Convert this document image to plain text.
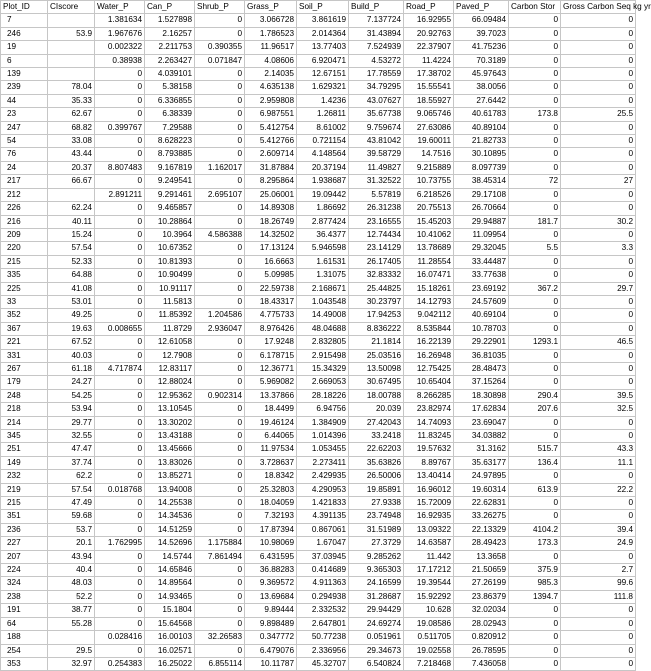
Plot_ID	CIscore	Water_P	Can_P	Shrub_P	Grass_P	Soil_P	Build_P	Road_P	Paved_P	Carbon Stor	Gross Carbon Seq kg yr
7		1.381634	1.527898	0	3.066728	3.861619	7.137724	16.92955	66.09484	0	0
246	53.9	1.967676	2.16257	0	1.786523	2.014364	31.43894	20.92763	39.7023	0	0
19		0.002322	2.211753	0.390355	11.96517	13.77403	7.524939	22.37907	41.75236	0	0
6		0.38938	2.263427	0.071847	4.08606	6.920471	4.53272	11.4224	70.3189	0	0
139		0	4.039101	0	2.14035	12.67151	17.78559	17.38702	45.97643	0	0
239	78.04	0	5.38158	0	4.635138	1.629321	34.79295	15.55541	38.0056	0	0
44	35.33	0	6.336855	0	2.959808	1.4236	43.07627	18.55927	27.6442	0	0
23	62.67	0	6.38339	0	6.987551	1.26811	35.67738	9.065746	40.61783	173.8	25.5
247	68.82	0.399767	7.29588	0	5.412754	8.61002	9.759674	27.63086	40.89104	0	0
54	33.08	0	8.628223	0	5.412766	0.721154	43.81042	19.60011	21.82733	0	0
76	43.44	0	8.793885	0	2.609714	4.148564	39.58729	14.7516	30.10895	0	0
24	20.37	8.807483	9.167819	1.162017	31.87884	20.37194	11.49827	9.215889	8.097739	0	0
217	66.67	0	9.249541	0	8.295864	1.938687	31.32522	10.73755	38.45314	72	27
212		2.891211	9.291461	2.695107	25.06001	19.09442	5.57819	6.218526	29.17108	0	0
226	62.24	0	9.465857	0	14.89308	1.86692	26.31238	20.75513	26.70664	0	0
216	40.11	0	10.28864	0	18.26749	2.877424	23.16555	15.45203	29.94887	181.7	30.2
209	15.24	0	10.3964	4.586388	14.32502	36.4377	12.74434	10.41062	11.09954	0	0
220	57.54	0	10.67352	0	17.13124	5.946598	23.14129	13.78689	29.32045	5.5	3.3
215	52.33	0	10.81393	0	16.6663	1.61531	26.17405	11.28554	33.44487	0	0
335	64.88	0	10.90499	0	5.09985	1.31075	32.83332	16.07471	33.77638	0	0
225	41.08	0	10.91117	0	22.59738	2.168671	25.44825	15.18261	23.69192	367.2	29.7
33	53.01	0	11.5813	0	18.43317	1.043548	30.23797	14.12793	24.57609	0	0
352	49.25	0	11.85392	1.204586	4.775733	14.49008	17.94253	9.042112	40.69104	0	0
367	19.63	0.008655	11.8729	2.936047	8.976426	48.04688	8.836222	8.535844	10.78703	0	0
221	67.52	0	12.61058	0	17.9248	2.832805	21.1814	16.22139	29.22901	1293.1	46.5
331	40.03	0	12.7908	0	6.178715	2.915498	25.03516	16.26948	36.81035	0	0
267	61.18	4.717874	12.83117	0	12.36771	15.34329	13.50098	12.75425	28.48473	0	0
179	24.27	0	12.88024	0	5.969082	2.669053	30.67495	10.65404	37.15264	0	0
248	54.25	0	12.95362	0.902314	13.37866	28.18226	18.00788	8.266285	18.30898	290.4	39.5
218	53.94	0	13.10545	0	18.4499	6.94756	20.039	23.82974	17.62834	207.6	32.5
214	29.77	0	13.30202	0	19.46124	1.384909	27.42043	14.74093	23.69047	0	0
345	32.55	0	13.43188	0	6.44065	1.014396	33.2418	11.83245	34.03882	0	0
251	47.47	0	13.45666	0	11.97534	1.053455	22.62203	19.57632	31.3162	515.7	43.3
149	37.74	0	13.83026	0	3.728637	2.273411	35.63826	8.89767	35.63177	136.4	11.1
232	62.2	0	13.85271	0	18.8342	2.429935	26.50006	13.40414	24.97895	0	0
219	57.54	0.018768	13.94008	0	25.32803	4.290953	19.85891	16.96012	19.60314	613.9	22.2
215	47.49	0	14.25538	0	18.04059	1.421833	27.9338	15.72009	22.62831	0	0
351	59.68	0	14.34536	0	7.32193	4.391135	23.74948	16.92935	33.26275	0	0
236	53.7	0	14.51259	0	17.87394	0.867061	31.51989	13.09322	22.13329	4104.2	39.4
227	20.1	1.762995	14.52696	1.175884	10.98069	1.67047	27.3729	14.63587	28.49423	173.3	24.9
207	43.94	0	14.5744	7.861494	6.431595	37.03945	9.285262	11.442	13.3658	0	0
224	40.4	0	14.65846	0	36.88283	0.414689	9.365303	17.17212	21.50659	375.9	2.7
324	48.03	0	14.89564	0	9.369572	4.911363	24.16599	19.39544	27.26199	985.3	99.6
238	52.2	0	14.93465	0	13.69684	0.294938	31.28687	15.92292	23.86379	1394.7	111.8
191	38.77	0	15.1804	0	9.89444	2.332532	29.94429	10.628	32.02034	0	0
64	55.28	0	15.64568	0	9.898489	2.647801	24.69274	19.08586	28.02943	0	0
188		0.028416	16.00103	32.26583	0.347772	50.77238	0.051961	0.511705	0.820912	0	0
254	29.5	0	16.02571	0	6.479076	2.336956	29.34673	19.02558	26.78595	0	0
353	32.97	0.254383	16.25022	6.855114	10.11787	45.32707	6.540824	7.218468	7.436058	0	0
